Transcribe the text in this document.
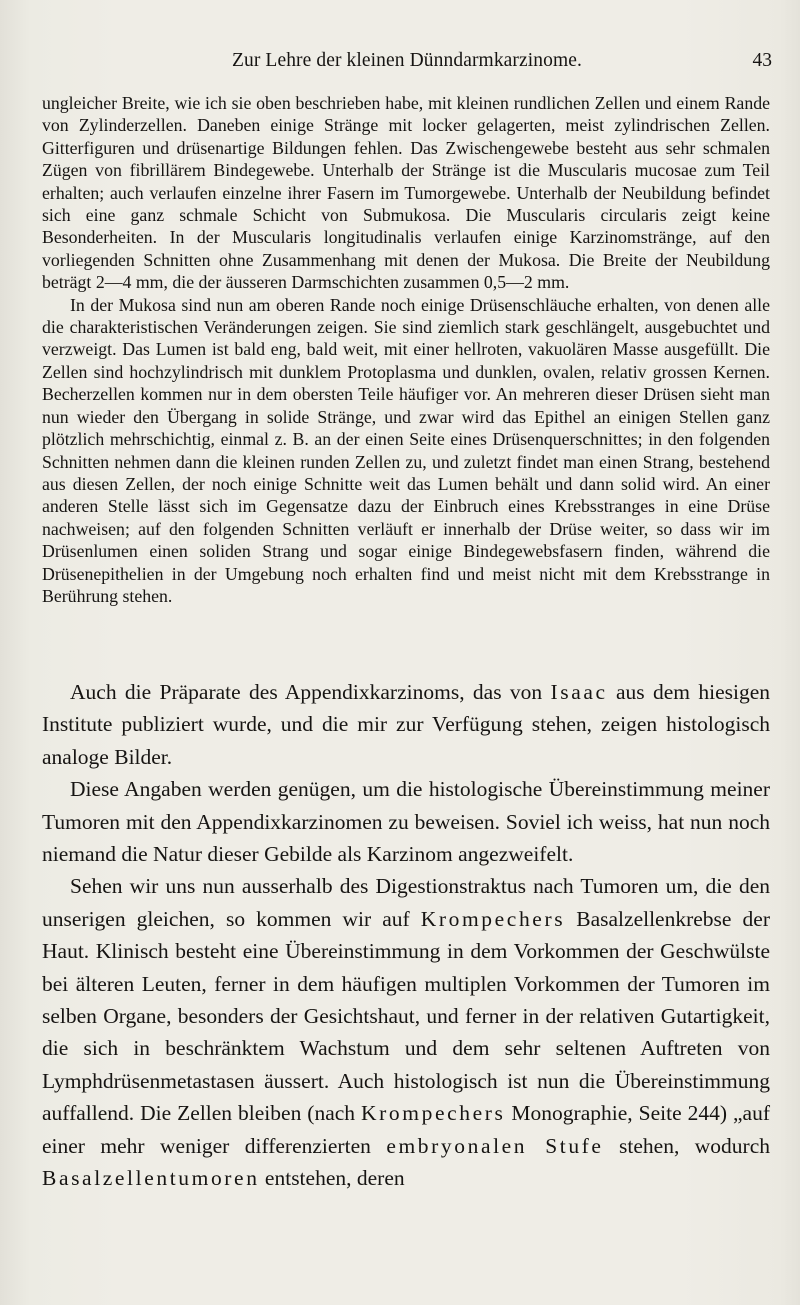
Zur Lehre der kleinen Dünndarmkarzinome.	43

ungleicher Breite, wie ich sie oben beschrieben habe, mit kleinen rundlichen Zellen und einem Rande von Zylinderzellen. Daneben einige Stränge mit locker gelagerten, meist zylindrischen Zellen. Gitterfiguren und drüsenartige Bildungen fehlen. Das Zwischengewebe besteht aus sehr schmalen Zügen von fibrillärem Bindegewebe. Unterhalb der Stränge ist die Muscularis mucosae zum Teil erhalten; auch verlaufen einzelne ihrer Fasern im Tumorgewebe. Unterhalb der Neubildung befindet sich eine ganz schmale Schicht von Submukosa. Die Muscularis circularis zeigt keine Besonderheiten. In der Muscularis longitudinalis verlaufen einige Karzinomstränge, auf den vorliegenden Schnitten ohne Zusammenhang mit denen der Mukosa. Die Breite der Neubildung beträgt 2—4 mm, die der äusseren Darmschichten zusammen 0,5—2 mm.

In der Mukosa sind nun am oberen Rande noch einige Drüsenschläuche erhalten, von denen alle die charakteristischen Veränderungen zeigen. Sie sind ziemlich stark geschlängelt, ausgebuchtet und verzweigt. Das Lumen ist bald eng, bald weit, mit einer hellroten, vakuolären Masse ausgefüllt. Die Zellen sind hochzylindrisch mit dunklem Protoplasma und dunklen, ovalen, relativ grossen Kernen. Becherzellen kommen nur in dem obersten Teile häufiger vor. An mehreren dieser Drüsen sieht man nun wieder den Übergang in solide Stränge, und zwar wird das Epithel an einigen Stellen ganz plötzlich mehrschichtig, einmal z. B. an der einen Seite eines Drüsenquerschnittes; in den folgenden Schnitten nehmen dann die kleinen runden Zellen zu, und zuletzt findet man einen Strang, bestehend aus diesen Zellen, der noch einige Schnitte weit das Lumen behält und dann solid wird. An einer anderen Stelle lässt sich im Gegensatze dazu der Einbruch eines Krebsstranges in eine Drüse nachweisen; auf den folgenden Schnitten verläuft er innerhalb der Drüse weiter, so dass wir im Drüsenlumen einen soliden Strang und sogar einige Bindegewebsfasern finden, während die Drüsenepithelien in der Umgebung noch erhalten find und meist nicht mit dem Krebsstrange in Berührung stehen.

Auch die Präparate des Appendixkarzinoms, das von Isaac aus dem hiesigen Institute publiziert wurde, und die mir zur Verfügung stehen, zeigen histologisch analoge Bilder.

Diese Angaben werden genügen, um die histologische Übereinstimmung meiner Tumoren mit den Appendixkarzinomen zu beweisen. Soviel ich weiss, hat nun noch niemand die Natur dieser Gebilde als Karzinom angezweifelt.

Sehen wir uns nun ausserhalb des Digestionstraktus nach Tumoren um, die den unserigen gleichen, so kommen wir auf Krompechers Basalzellenkrebse der Haut. Klinisch besteht eine Übereinstimmung in dem Vorkommen der Geschwülste bei älteren Leuten, ferner in dem häufigen multiplen Vorkommen der Tumoren im selben Organe, besonders der Gesichtshaut, und ferner in der relativen Gutartigkeit, die sich in beschränktem Wachstum und dem sehr seltenen Auftreten von Lymphdrüsenmetastasen äussert. Auch histologisch ist nun die Übereinstimmung auffallend. Die Zellen bleiben (nach Krompechers Monographie, Seite 244) „auf einer mehr weniger differenzierten embryonalen Stufe stehen, wodurch Basalzellentumoren entstehen, deren
